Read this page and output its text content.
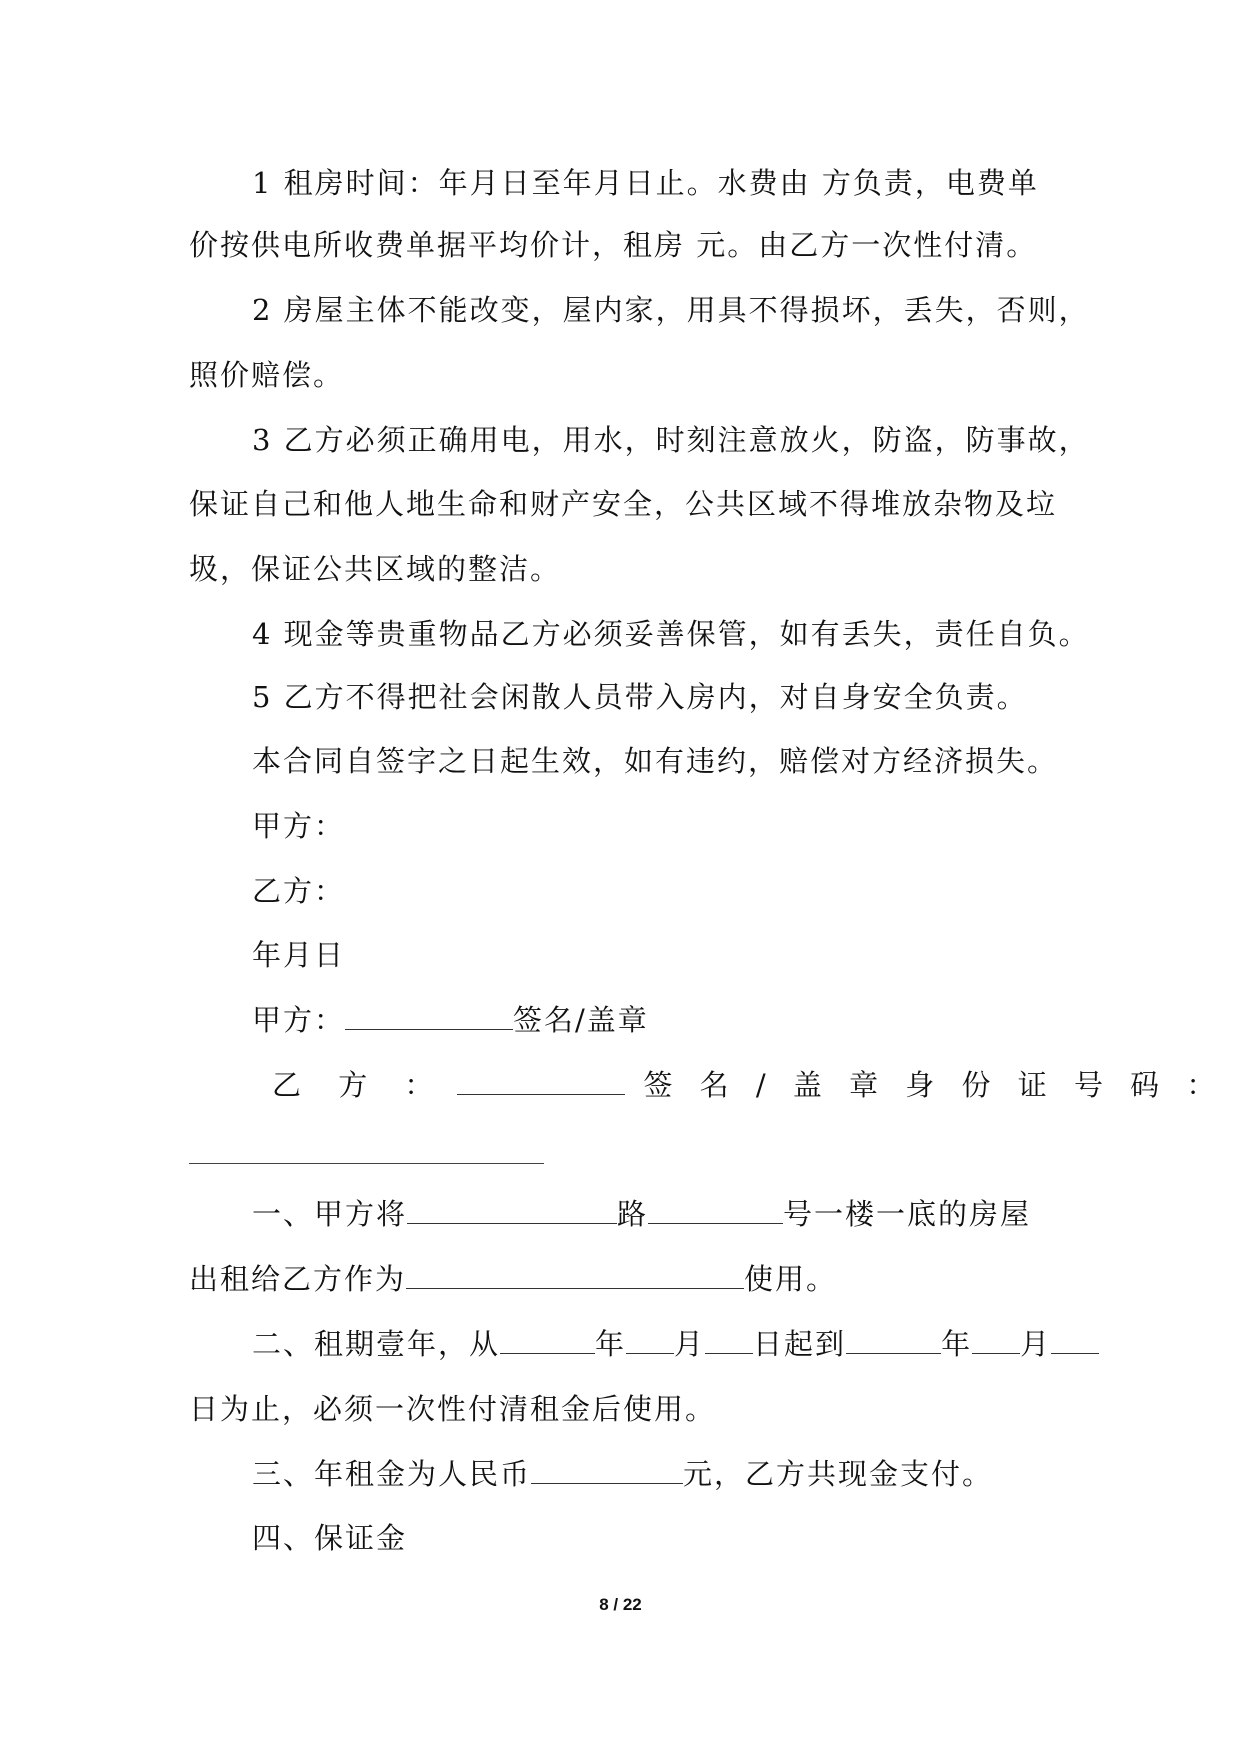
1 租房时间：年月日至年月日止。水费由 方负责，电费单
价按供电所收费单据平均价计，租房 元。由乙方一次性付清。
2 房屋主体不能改变，屋内家，用具不得损坏，丢失，否则，
照价赔偿。
3 乙方必须正确用电，用水，时刻注意放火，防盗，防事故，
保证自己和他人地生命和财产安全，公共区域不得堆放杂物及垃
圾，保证公共区域的整洁。
4 现金等贵重物品乙方必须妥善保管，如有丢失，责任自负。
5 乙方不得把社会闲散人员带入房内，对自身安全负责。
本合同自签字之日起生效，如有违约，赔偿对方经济损失。
甲方：
乙方：
年月日
甲方：	签名/盖章
乙 方 ：	签 名 / 盖 章 身 份 证 号 码 ：
一、甲方将	路	号一楼一底的房屋
出租给乙方作为	使用。
二、租期壹年，从	年 月 日起到	年 月
日为止，必须一次性付清租金后使用。
三、年租金为人民币	元，乙方共现金支付。
四、保证金
8 / 22
